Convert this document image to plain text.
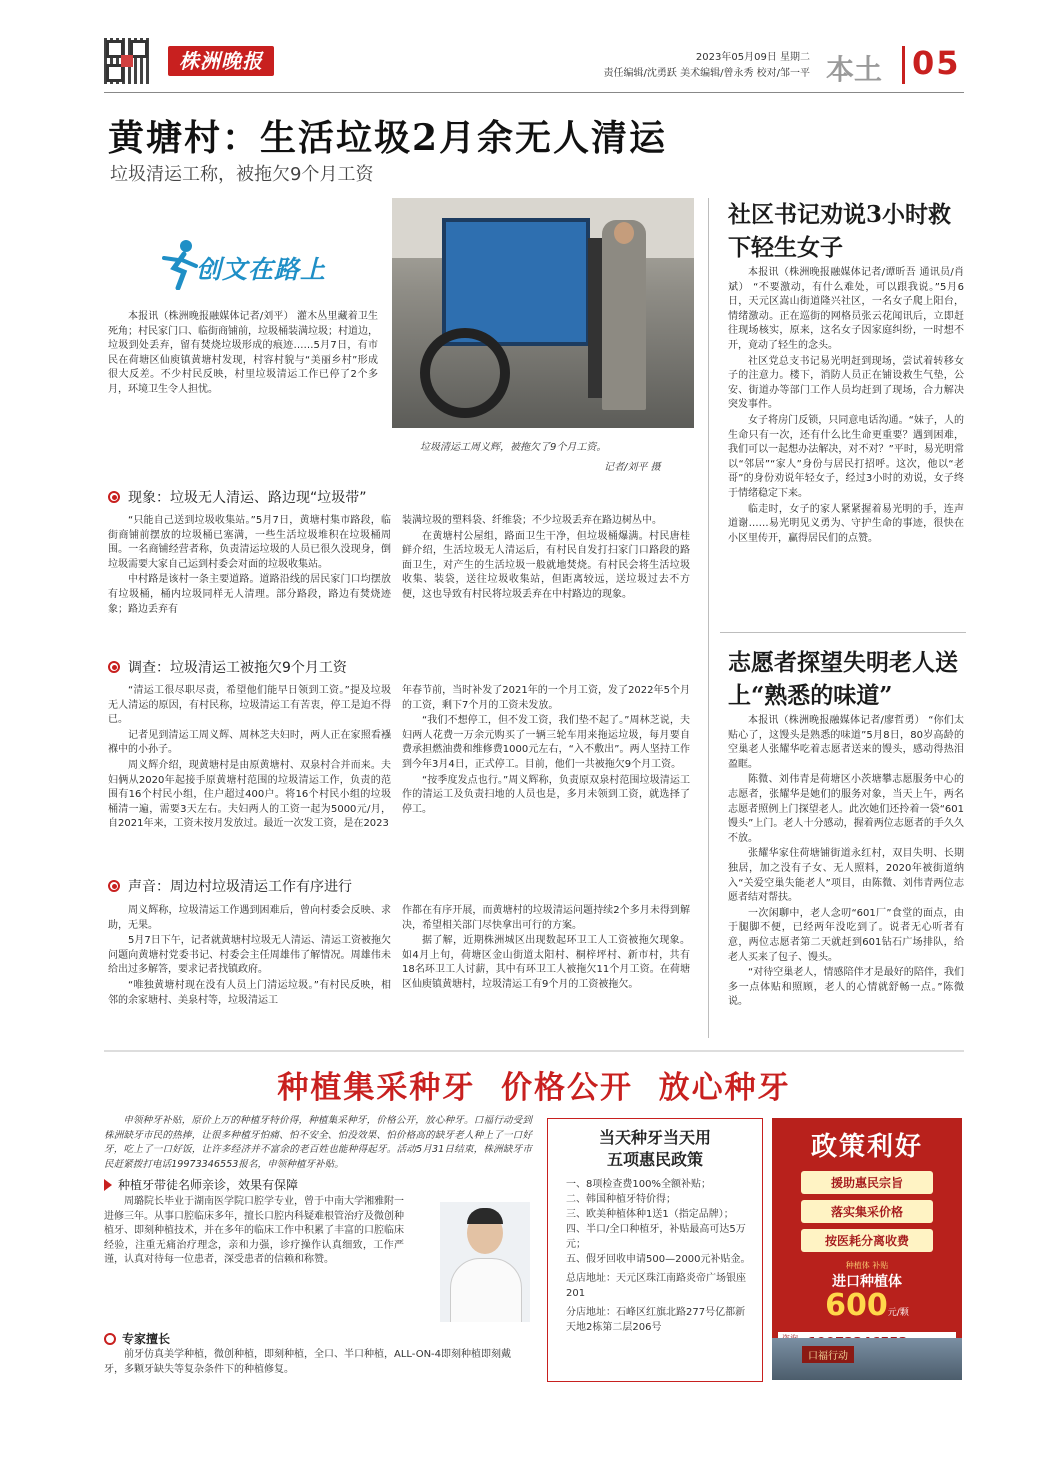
株洲晚报	2023年05月09日 星期二
责任编辑/沈勇跃 美术编辑/曾永秀 校对/邹一平 本土 05
黄塘村：生活垃圾2月余无人清运
垃圾清运工称，被拖欠9个月工资
创文在路上

本报讯（株洲晚报融媒体记者/刘平） 灌木丛里藏着卫生死角；村民家门口、临街商铺前，垃圾桶装满垃圾；村道边，垃圾到处丢弃，留有焚烧垃圾形成的痕迹……5月7日，有市民在荷塘区仙庾镇黄塘村发现，村容村貌与“美丽乡村”形成很大反差。不少村民反映，村里垃圾清运工作已停了2个多月，环境卫生令人担忧。

垃圾清运工周义辉，被拖欠了9个月工资。
记者/刘平 摄
现象：垃圾无人清运、路边现“垃圾带”

“只能自己送到垃圾收集站。”5月7日，黄塘村集市路段，临街商铺前摆放的垃圾桶已塞满，一些生活垃圾堆积在垃圾桶周围。一名商铺经营者称，负责清运垃圾的人员已很久没现身，倒垃圾需要大家自己运到村委会对面的垃圾收集站。

中村路是该村一条主要道路。道路沿线的居民家门口均摆放有垃圾桶，桶内垃圾同样无人清理。部分路段，路边有焚烧迹象；路边丢弃有

装满垃圾的塑料袋、纤维袋；不少垃圾丢弃在路边树丛中。

在黄塘村公屋组，路面卫生干净，但垃圾桶爆满。村民唐桂鲜介绍，生活垃圾无人清运后，有村民自发打扫家门口路段的路面卫生，对产生的生活垃圾一般就地焚烧。有村民会将生活垃圾收集、装袋，送往垃圾收集站，但距离较远，送垃圾过去不方便，这也导致有村民将垃圾丢弃在中村路边的现象。

调查：垃圾清运工被拖欠9个月工资

“清运工很尽职尽责，希望他们能早日领到工资。”提及垃圾无人清运的原因，有村民称，垃圾清运工有苦衷，停工是迫不得已。

记者见到清运工周义辉、周林芝夫妇时，两人正在家照看襁褓中的小孙子。

周义辉介绍，现黄塘村是由原黄塘村、双泉村合并而来。夫妇俩从2020年起接手原黄塘村范围的垃圾清运工作，负责的范围有16个村民小组，住户超过400户。将16个村民小组的垃圾桶清一遍，需要3天左右。夫妇两人的工资一起为5000元/月，自2021年来，工资未按月发放过。最近一次发工资，是在2023

年春节前，当时补发了2021年的一个月工资，发了2022年5个月的工资，剩下7个月的工资未发放。

“我们不想停工，但不发工资，我们垫不起了。”周林芝说，夫妇两人花费一万余元购买了一辆三轮车用来拖运垃圾，每月要自费承担燃油费和维修费1000元左右，“入不敷出”。两人坚持工作到今年3月4日，正式停工。目前，他们一共被拖欠9个月工资。

“按季度发点也行。”周义辉称，负责原双泉村范围垃圾清运工作的清运工及负责扫地的人员也是，多月未领到工资，就选择了停工。

声音：周边村垃圾清运工作有序进行

周义辉称，垃圾清运工作遇到困难后，曾向村委会反映、求助，无果。

5月7日下午，记者就黄塘村垃圾无人清运、清运工资被拖欠问题向黄塘村党委书记、村委会主任周雄伟了解情况。周雄伟未给出过多解答，要求记者找镇政府。

“唯独黄塘村现在没有人员上门清运垃圾。”有村民反映，相邻的余家塘村、美泉村等，垃圾清运工

作都在有序开展，而黄塘村的垃圾清运问题持续2个多月未得到解决，希望相关部门尽快拿出可行的方案。

据了解，近期株洲城区出现数起环卫工人工资被拖欠现象。如4月上旬，荷塘区金山街道太阳村、桐梓坪村、新市村，共有18名环卫工人讨薪，其中有环卫工人被拖欠11个月工资。在荷塘区仙庾镇黄塘村，垃圾清运工有9个月的工资被拖欠。

社区书记劝说3小时救下轻生女子

本报讯（株洲晚报融媒体记者/谭昕吾 通讯员/肖斌） “不要激动，有什么难处，可以跟我说。”5月6日，天元区嵩山街道隆兴社区，一名女子爬上阳台，情绪激动。正在巡街的网格员张云花闻讯后，立即赶往现场核实，原来，这名女子因家庭纠纷，一时想不开，竟动了轻生的念头。

社区党总支书记易光明赶到现场，尝试着转移女子的注意力。楼下，消防人员正在铺设救生气垫，公安、街道办等部门工作人员均赶到了现场，合力解决突发事件。

女子将房门反锁，只同意电话沟通。“妹子，人的生命只有一次，还有什么比生命更重要？遇到困难，我们可以一起想办法解决，对不对？”平时，易光明常以“邻居”“家人”身份与居民打招呼。这次，他以“老哥”的身份劝说年轻女子，经过3小时的劝说，女子终于情绪稳定下来。

临走时，女子的家人紧紧握着易光明的手，连声道谢……易光明见义勇为、守护生命的事迹，很快在小区里传开，赢得居民们的点赞。

志愿者探望失明老人送上“熟悉的味道”

本报讯（株洲晚报融媒体记者/廖哲勇） “你们太贴心了，这馒头是熟悉的味道”5月8日，80岁高龄的空巢老人张耀华吃着志愿者送来的馒头，感动得热泪盈眶。

陈微、刘伟青是荷塘区小茨塘攀志愿服务中心的志愿者，张耀华是她们的服务对象，当天上午，两名志愿者照例上门探望老人。此次她们还拎着一袋“601馒头”上门。老人十分感动，握着两位志愿者的手久久不放。

张耀华家住荷塘铺街道永红村，双目失明、长期独居，加之没有子女、无人照料，2020年被街道纳入“关爱空巢失能老人”项目，由陈微、刘伟青两位志愿者结对帮扶。

一次闲聊中，老人念叨“601厂”食堂的面点，由于腿脚不便，已经两年没吃到了。说者无心听者有意，两位志愿者第二天就赶到601钻石广场排队，给老人买来了包子、馒头。

“对待空巢老人，情感陪伴才是最好的陪伴，我们多一点体贴和照顾，老人的心情就舒畅一点。”陈微说。

种植集采种牙  价格公开  放心种牙

申领种牙补贴，原价上万的种植牙特价得，种植集采种牙，价格公开，放心种牙。口福行动受到株洲缺牙市民的热捧，让很多种植牙怕痛、怕不安全、怕没效果、怕价格高的缺牙老人种上了一口好牙，吃上了一口好饭，让许多经济并不富余的老百姓也能种得起牙。活动5月31日结束，株洲缺牙市民赶紧拨打电话19973346553报名，申领种植牙补贴。

种植牙带徒名师亲诊，效果有保障

周璐院长毕业于湖南医学院口腔学专业，曾于中南大学湘雅附一进修三年。从事口腔临床多年，擅长口腔内科疑难根管治疗及微创种植牙、即刻种植技术，并在多年的临床工作中积累了丰富的口腔临床经验，注重无痛治疗理念，亲和力强，诊疗操作认真细致，工作严谨，认真对待每一位患者，深受患者的信赖和称赞。

专家擅长

前牙仿真美学种植，微创种植，即刻种植，全口、半口种植，ALL-ON-4即刻种植即刻戴牙，多颗牙缺失等复杂条件下的种植修复。

当天种牙当天用
五项惠民政策
一、8项检查费100%全额补贴；
二、韩国种植牙特价得；
三、欧美种植体种1送1（指定品牌）；
四、半口/全口种植牙，补贴最高可达5万元；
五、假牙回收申请500—2000元补贴金。
总店地址：天元区珠江南路炎帝广场银座201
分店地址：石峰区红旗北路277号亿都新天地2栋第二层206号
政策利好
援助惠民宗旨
落实集采价格
按医耗分离收费
种植体 补贴
进口种植体
600元/颗
口福行动
